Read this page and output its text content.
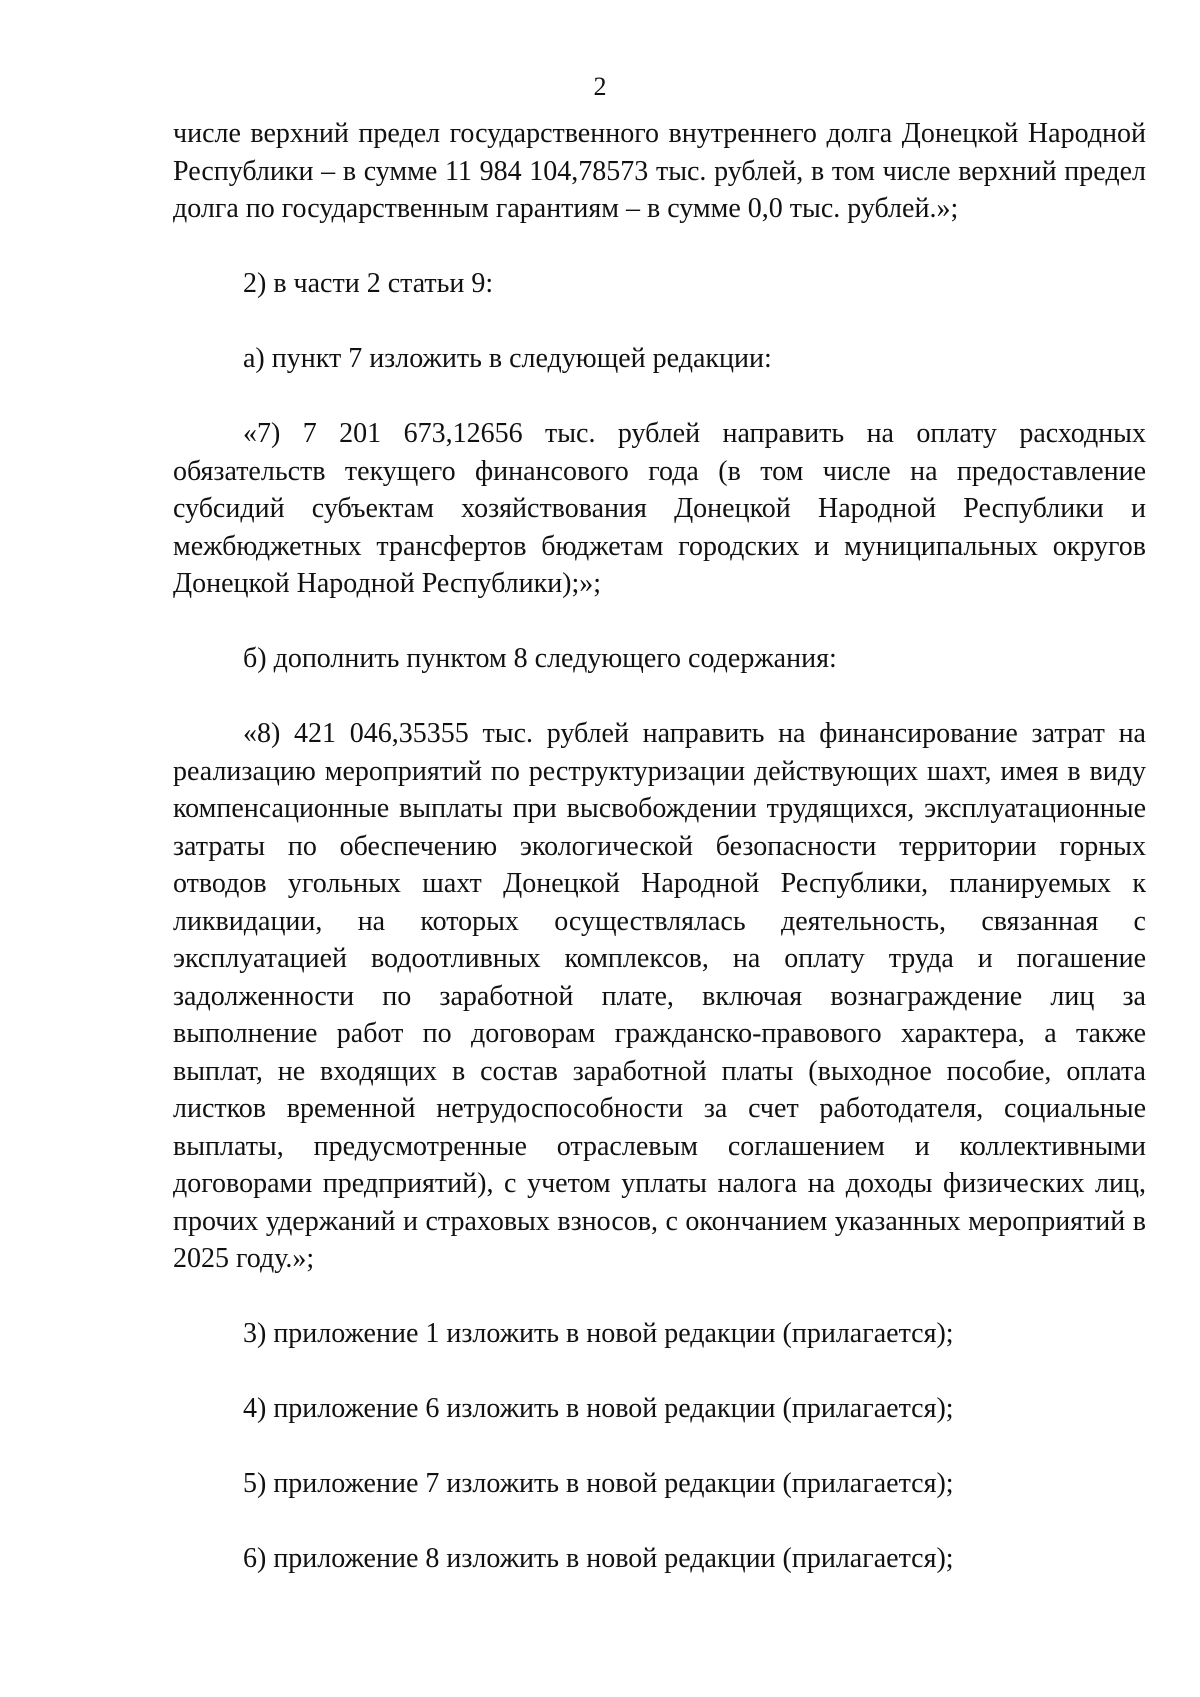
2

числе верхний предел государственного внутреннего долга Донецкой Народной Республики – в сумме 11 984 104,78573 тыс. рублей, в том числе верхний предел долга по государственным гарантиям – в сумме 0,0 тыс. рублей.»;

2) в части 2 статьи 9:

а) пункт 7 изложить в следующей редакции:

«7) 7 201 673,12656 тыс. рублей направить на оплату расходных обязательств текущего финансового года (в том числе на предоставление субсидий субъектам хозяйствования Донецкой Народной Республики и межбюджетных трансфертов бюджетам городских и муниципальных округов Донецкой Народной Республики);»;

б) дополнить пунктом 8 следующего содержания:

«8) 421 046,35355 тыс. рублей направить на финансирование затрат на реализацию мероприятий по реструктуризации действующих шахт, имея в виду компенсационные выплаты при высвобождении трудящихся, эксплуатационные затраты по обеспечению экологической безопасности территории горных отводов угольных шахт Донецкой Народной Республики, планируемых к ликвидации, на которых осуществлялась деятельность, связанная с эксплуатацией водоотливных комплексов, на оплату труда и погашение задолженности по заработной плате, включая вознаграждение лиц за выполнение работ по договорам гражданско-правового характера, а также выплат, не входящих в состав заработной платы (выходное пособие, оплата листков временной нетрудоспособности за счет работодателя, социальные выплаты, предусмотренные отраслевым соглашением и коллективными договорами предприятий), с учетом уплаты налога на доходы физических лиц, прочих удержаний и страховых взносов, с окончанием указанных мероприятий в 2025 году.»;

3) приложение 1 изложить в новой редакции (прилагается);

4) приложение 6 изложить в новой редакции (прилагается);

5) приложение 7 изложить в новой редакции (прилагается);

6) приложение 8 изложить в новой редакции (прилагается);
